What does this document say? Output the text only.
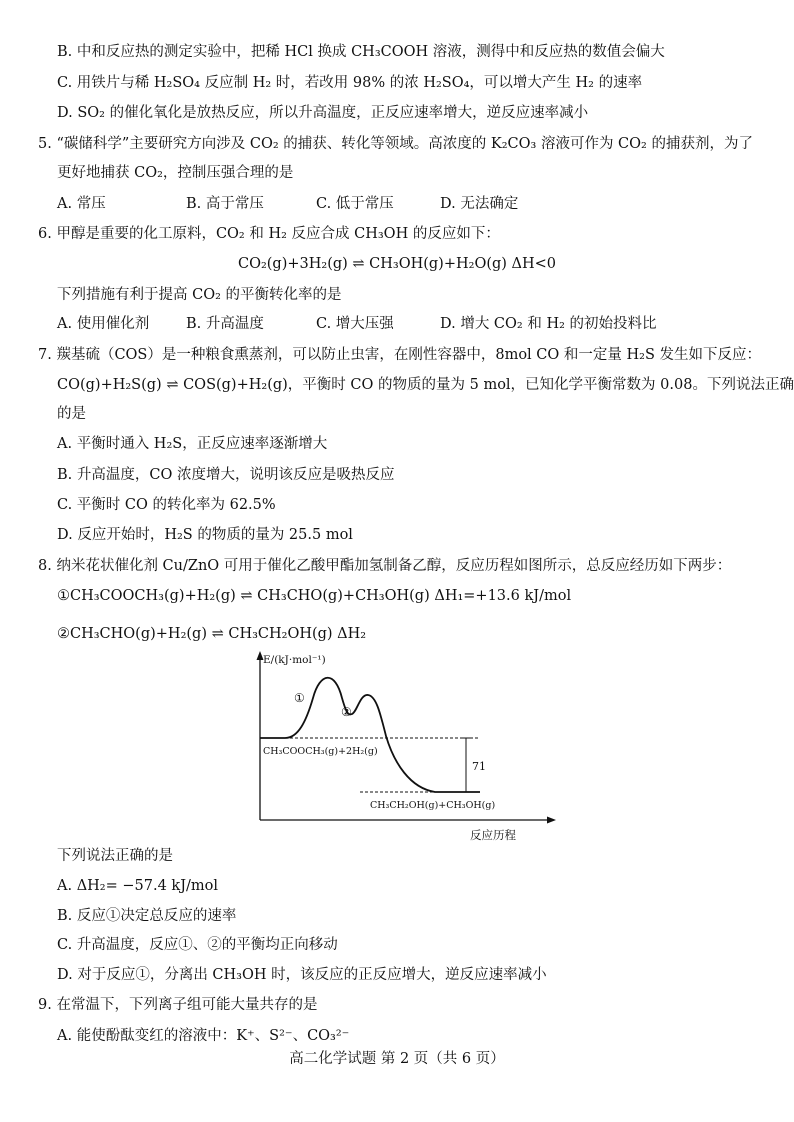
B. 中和反应热的测定实验中，把稀 HCl 换成 CH₃COOH 溶液，测得中和反应热的数值会偏大
C. 用铁片与稀 H₂SO₄ 反应制 H₂ 时，若改用 98% 的浓 H₂SO₄，可以增大产生 H₂ 的速率
D. SO₂ 的催化氧化是放热反应，所以升高温度，正反应速率增大，逆反应速率减小
5. “碳储科学”主要研究方向涉及 CO₂ 的捕获、转化等领域。高浓度的 K₂CO₃ 溶液可作为 CO₂ 的捕获剂，为了
更好地捕获 CO₂，控制压强合理的是
A. 常压	B. 高于常压	C. 低于常压	D. 无法确定
6. 甲醇是重要的化工原料，CO₂ 和 H₂ 反应合成 CH₃OH 的反应如下：
CO₂(g)+3H₂(g) ⇌ CH₃OH(g)+H₂O(g) ΔH<0
下列措施有利于提高 CO₂ 的平衡转化率的是
A. 使用催化剂	B. 升高温度	C. 增大压强	D. 增大 CO₂ 和 H₂ 的初始投料比
7. 羰基硫（COS）是一种粮食熏蒸剂，可以防止虫害，在刚性容器中，8mol CO 和一定量 H₂S 发生如下反应：
CO(g)+H₂S(g) ⇌ COS(g)+H₂(g)，平衡时 CO 的物质的量为 5 mol，已知化学平衡常数为 0.08。下列说法正确
的是
A. 平衡时通入 H₂S，正反应速率逐渐增大
B. 升高温度，CO 浓度增大，说明该反应是吸热反应
C. 平衡时 CO 的转化率为 62.5%
D. 反应开始时，H₂S 的物质的量为 25.5 mol
8. 纳米花状催化剂 Cu/ZnO 可用于催化乙酸甲酯加氢制备乙醇，反应历程如图所示，总反应经历如下两步：
①CH₃COOCH₃(g)+H₂(g) ⇌ CH₃CHO(g)+CH₃OH(g) ΔH₁=+13.6 kJ/mol
②CH₃CHO(g)+H₂(g) ⇌ CH₃CH₂OH(g) ΔH₂
E/(kJ·mol⁻¹)
①
②
CH₃COOCH₃(g)+2H₂(g)
CH₃CH₂OH(g)+CH₃OH(g)
71
反应历程
下列说法正确的是
A. ΔH₂= −57.4 kJ/mol
B. 反应①决定总反应的速率
C. 升高温度，反应①、②的平衡均正向移动
D. 对于反应①，分离出 CH₃OH 时，该反应的正反应增大，逆反应速率减小
9. 在常温下，下列离子组可能大量共存的是
A. 能使酚酞变红的溶液中：K⁺、S²⁻、CO₃²⁻
高二化学试题 第 2 页（共 6 页）
